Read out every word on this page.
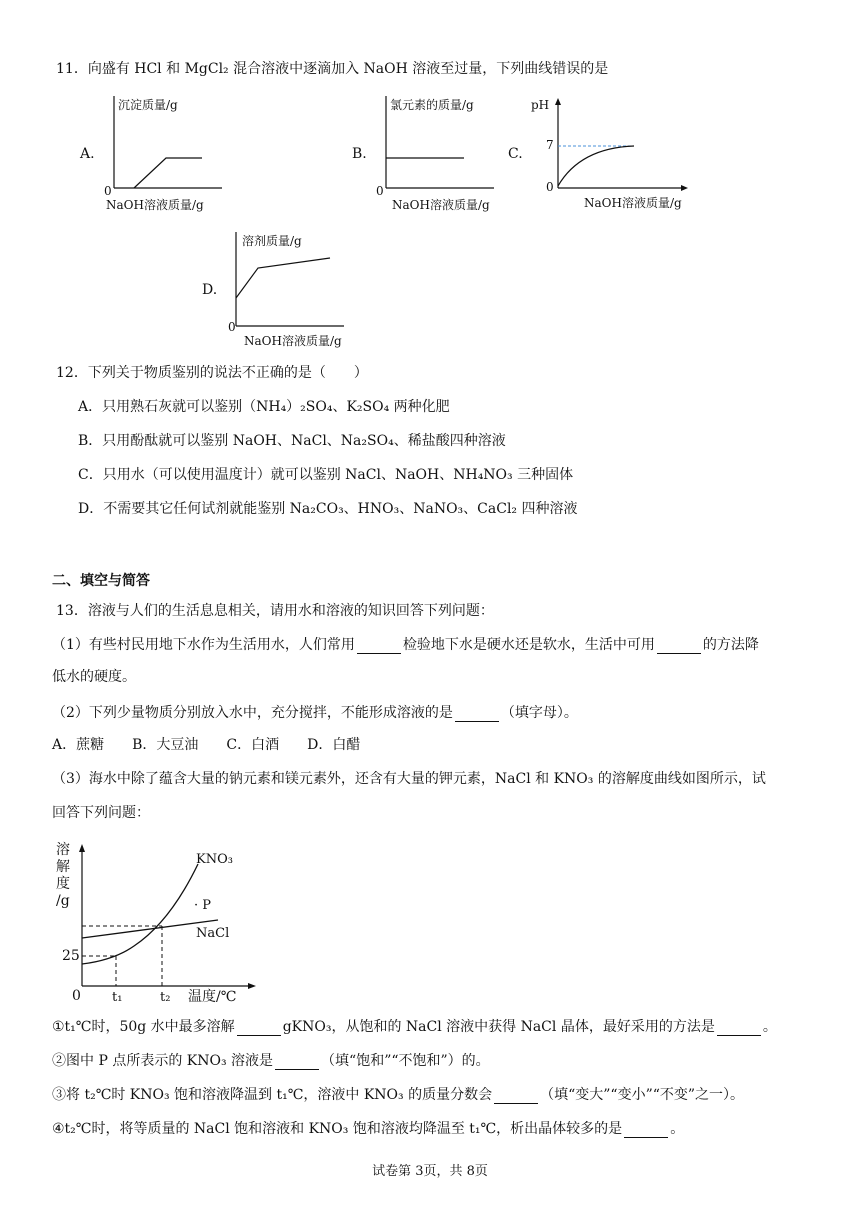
11．向盛有 HCl 和 MgCl₂ 混合溶液中逐滴加入 NaOH 溶液至过量，下列曲线错误的是
A.
沉淀质量/g
0
NaOH溶液质量/g
B.
氯元素的质量/g
0
NaOH溶液质量/g
C.
pH
7
0
NaOH溶液质量/g
D.
溶剂质量/g
0
NaOH溶液质量/g
12．下列关于物质鉴别的说法不正确的是（　　）
A．只用熟石灰就可以鉴别（NH₄）₂SO₄、K₂SO₄ 两种化肥
B．只用酚酞就可以鉴别 NaOH、NaCl、Na₂SO₄、稀盐酸四种溶液
C．只用水（可以使用温度计）就可以鉴别 NaCl、NaOH、NH₄NO₃ 三种固体
D．不需要其它任何试剂就能鉴别 Na₂CO₃、HNO₃、NaNO₃、CaCl₂ 四种溶液
二、填空与简答
13．溶液与人们的生活息息相关，请用水和溶液的知识回答下列问题：
（1）有些村民用地下水作为生活用水，人们常用	检验地下水是硬水还是软水，生活中可用	的方法降
低水的硬度。
（2）下列少量物质分别放入水中，充分搅拌，不能形成溶液的是	（填字母）。
A．蔗糖　　B．大豆油　　C．白酒　　D．白醋
（3）海水中除了蕴含大量的钠元素和镁元素外，还含有大量的钾元素，NaCl 和 KNO₃ 的溶解度曲线如图所示，试
回答下列问题：
溶
解
度
/g
25
0 t₁	t₂ 温度/℃
KNO₃
· P
NaCl
①t₁℃时，50g 水中最多溶解	gKNO₃，从饱和的 NaCl 溶液中获得 NaCl 晶体，最好采用的方法是	。
②图中 P 点所表示的 KNO₃ 溶液是	（填“饱和”“不饱和”）的。
③将 t₂℃时 KNO₃ 饱和溶液降温到 t₁℃，溶液中 KNO₃ 的质量分数会	（填“变大”“变小”“不变”之一）。
④t₂℃时，将等质量的 NaCl 饱和溶液和 KNO₃ 饱和溶液均降温至 t₁℃，析出晶体较多的是	。
试卷第 3页，共 8页
